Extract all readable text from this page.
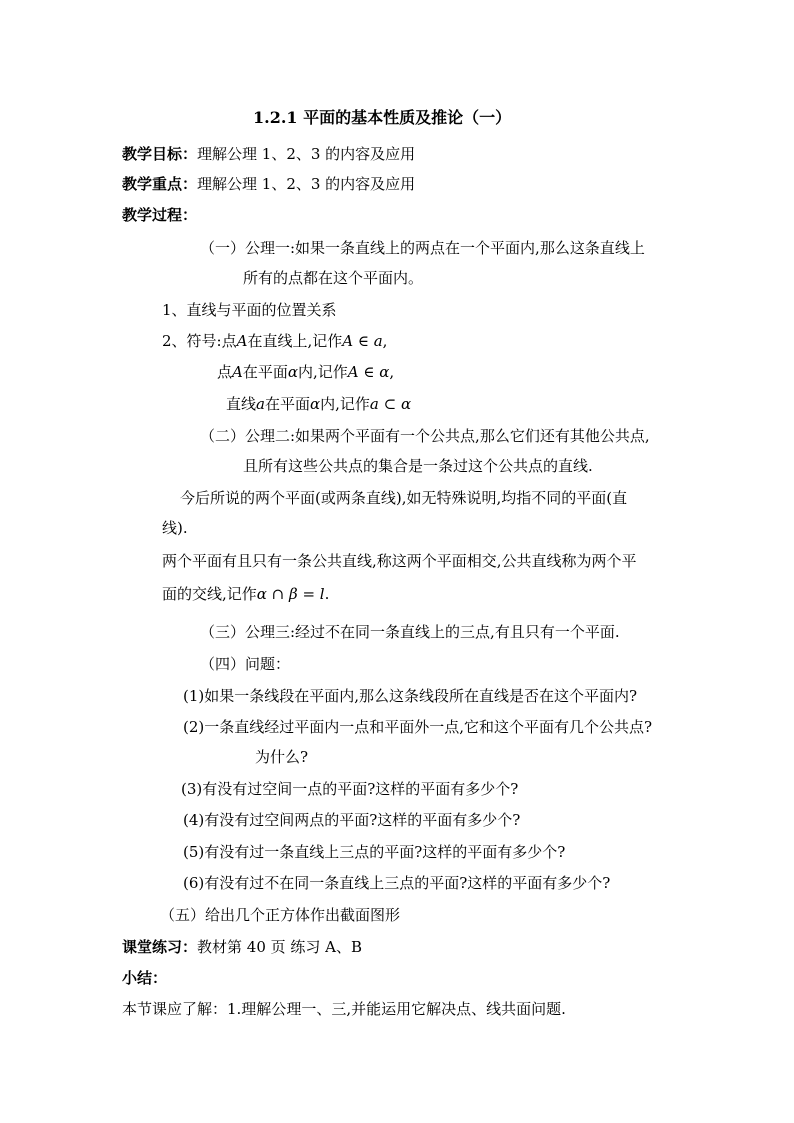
1.2.1 平面的基本性质及推论（一）
教学目标：理解公理 1、2、3 的内容及应用
教学重点：理解公理 1、2、3 的内容及应用
教学过程：
（一）公理一:如果一条直线上的两点在一个平面内,那么这条直线上
所有的点都在这个平面内。
1、直线与平面的位置关系
2、符号:点A在直线上,记作A ∈ a,
点A在平面α内,记作A ∈ α,
直线a在平面α内,记作a ⊂ α
（二）公理二:如果两个平面有一个公共点,那么它们还有其他公共点,
且所有这些公共点的集合是一条过这个公共点的直线.
今后所说的两个平面(或两条直线),如无特殊说明,均指不同的平面(直
线).
两个平面有且只有一条公共直线,称这两个平面相交,公共直线称为两个平
面的交线,记作α ∩ β = l.
（三）公理三:经过不在同一条直线上的三点,有且只有一个平面.
（四）问题：
(1)如果一条线段在平面内,那么这条线段所在直线是否在这个平面内?
(2)一条直线经过平面内一点和平面外一点,它和这个平面有几个公共点?
为什么?
(3)有没有过空间一点的平面?这样的平面有多少个?
(4)有没有过空间两点的平面?这样的平面有多少个?
(5)有没有过一条直线上三点的平面?这样的平面有多少个?
(6)有没有过不在同一条直线上三点的平面?这样的平面有多少个?
（五）给出几个正方体作出截面图形
课堂练习：教材第 40 页 练习 A、B
小结：
本节课应了解：1.理解公理一、三,并能运用它解决点、线共面问题.
